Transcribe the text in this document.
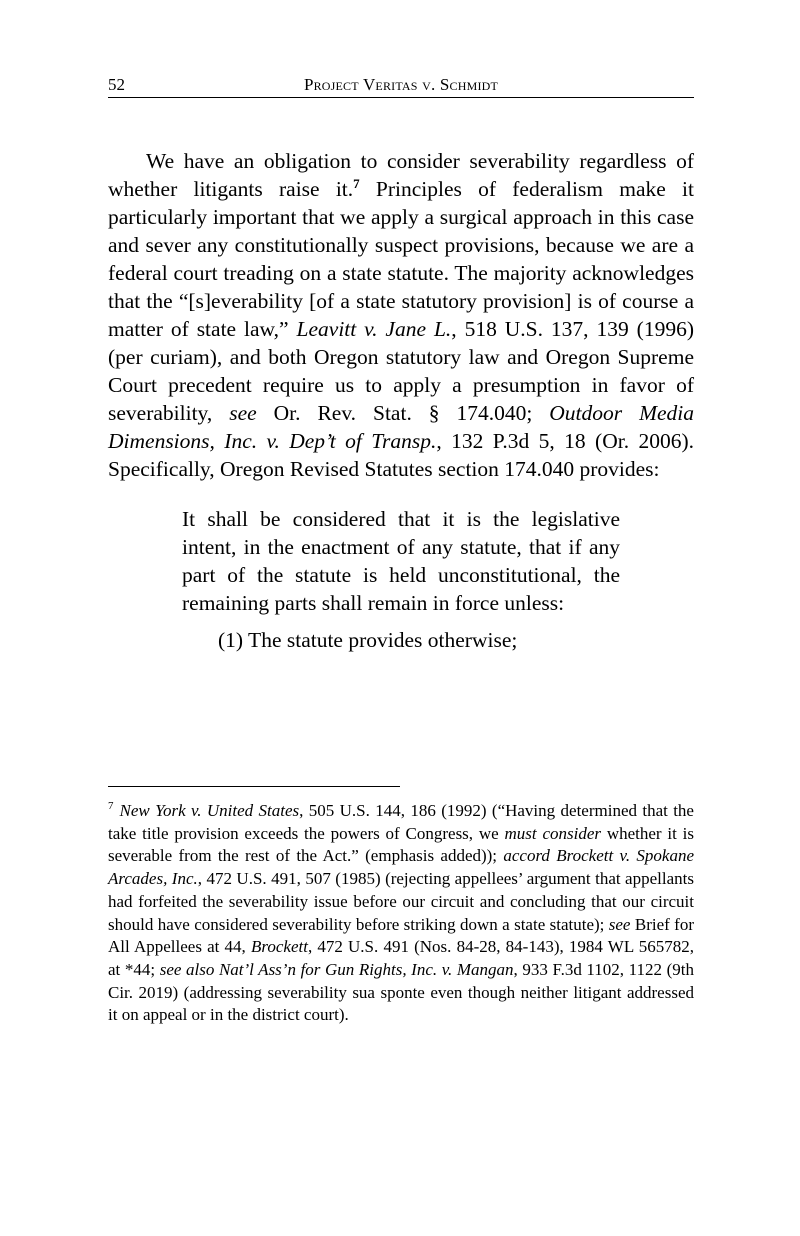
52	Project Veritas v. Schmidt

We have an obligation to consider severability regardless of whether litigants raise it.$^7$ Principles of federalism make it particularly important that we apply a surgical approach in this case and sever any constitutionally suspect provisions, because we are a federal court treading on a state statute. The majority acknowledges that the “[s]everability [of a state statutory provision] is of course a matter of state law,” Leavitt v. Jane L., 518 U.S. 137, 139 (1996) (per curiam), and both Oregon statutory law and Oregon Supreme Court precedent require us to apply a presumption in favor of severability, see Or. Rev. Stat. § 174.040; Outdoor Media Dimensions, Inc. v. Dep’t of Transp., 132 P.3d 5, 18 (Or. 2006). Specifically, Oregon Revised Statutes section 174.040 provides:

It shall be considered that it is the legislative intent, in the enactment of any statute, that if any part of the statute is held unconstitutional, the remaining parts shall remain in force unless:
(1) The statute provides otherwise;
$^7$ New York v. United States, 505 U.S. 144, 186 (1992) (“Having determined that the take title provision exceeds the powers of Congress, we must consider whether it is severable from the rest of the Act.” (emphasis added)); accord Brockett v. Spokane Arcades, Inc., 472 U.S. 491, 507 (1985) (rejecting appellees’ argument that appellants had forfeited the severability issue before our circuit and concluding that our circuit should have considered severability before striking down a state statute); see Brief for All Appellees at 44, Brockett, 472 U.S. 491 (Nos. 84-28, 84-143), 1984 WL 565782, at *44; see also Nat’l Ass’n for Gun Rights, Inc. v. Mangan, 933 F.3d 1102, 1122 (9th Cir. 2019) (addressing severability sua sponte even though neither litigant addressed it on appeal or in the district court).
